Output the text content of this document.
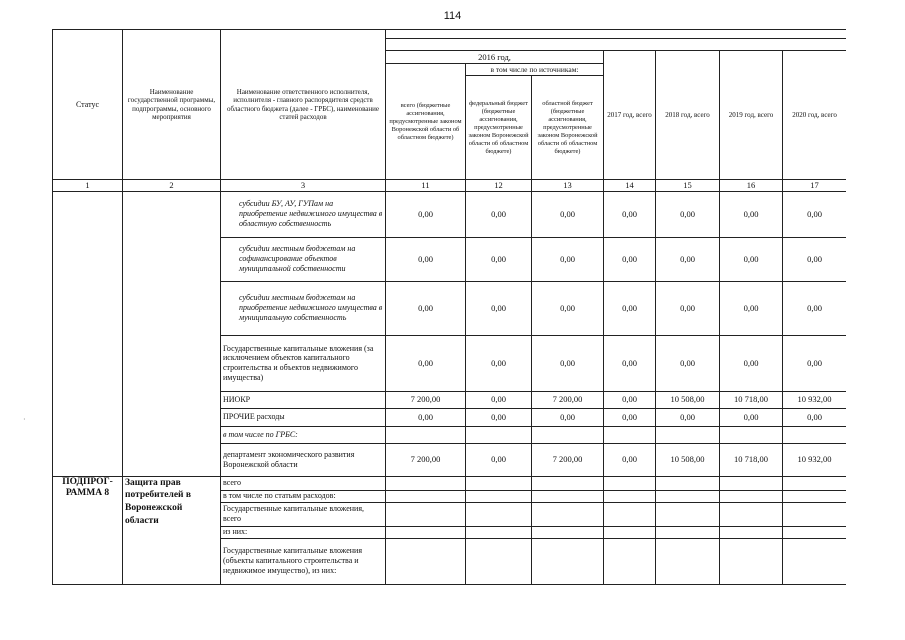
114
·
Статус	Наименование государственной программы, подпрограммы, основного мероприятия	Наименование ответственного исполнителя, исполнителя - главного распорядителя средств областного бюджета (далее - ГРБС), наименование статей расходов							

			2016 год,			2017 год, всего	2018 год, всего	2019 год, всего	2020 год, всего
			всего (бюджетные ассигнования, предусмотренные законом Воронежской области об областном бюджете)	в том числе по источникам:					
				федеральный бюджет (бюджетные ассигнования, предусмотренные законом Воронежской области об областном бюджете)	областной бюджет (бюджетные ассигнования, предусмотренные законом Воронежской области об областном бюджете)				
1	2	3	11	12	13	14	15	16	17
		субсидии БУ, АУ, ГУПам на приобретение недвижимого имущества в областную собственность	0,00	0,00	0,00	0,00	0,00	0,00	0,00
		субсидии местным бюджетам на софинансирование объектов муниципальной собственности	0,00	0,00	0,00	0,00	0,00	0,00	0,00
		субсидии местным бюджетам на приобретение недвижимого имущества в муниципальную собственность	0,00	0,00	0,00	0,00	0,00	0,00	0,00
		Государственные капитальные вложения (за исключением объектов капитального строительства и объектов недвижимого имущества)	0,00	0,00	0,00	0,00	0,00	0,00	0,00
		НИОКР	7 200,00	0,00	7 200,00	0,00	10 508,00	10 718,00	10 932,00
		ПРОЧИЕ расходы	0,00	0,00	0,00	0,00	0,00	0,00	0,00
		в том числе по ГРБС:							
		департамент экономического развития Воронежской области	7 200,00	0,00	7 200,00	0,00	10 508,00	10 718,00	10 932,00
ПОДПРОГ-РАММА 8	Защита прав потребителей в Воронежской области	всего							
		в том числе по статьям расходов:							
		Государственные капитальные вложения, всего							
		из них:							
		Государственные капитальные вложения (объекты капитального строительства и недвижимое имущество), из них:							
